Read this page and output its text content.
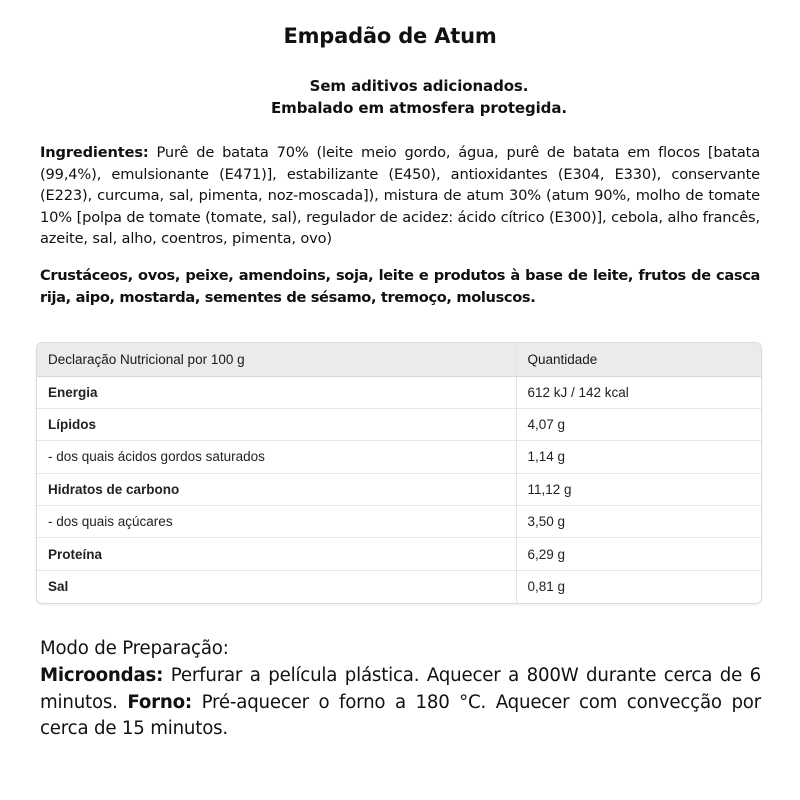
Empadão de Atum
Sem aditivos adicionados.
Embalado em atmosfera protegida.

Ingredientes: Purê de batata 70% (leite meio gordo, água, purê de batata em flocos [batata (99,4%), emulsionante (E471)], estabilizante (E450), antioxidantes (E304, E330), conservante (E223), curcuma, sal, pimenta, noz-moscada]), mistura de atum 30% (atum 90%, molho de tomate 10% [polpa de tomate (tomate, sal), regulador de acidez: ácido cítrico (E300)], cebola, alho francês, azeite, sal, alho, coentros, pimenta, ovo)

Crustáceos, ovos, peixe, amendoins, soja, leite e produtos à base de leite, frutos de casca rija, aipo, mostarda, sementes de sésamo, tremoço, moluscos.

Declaração Nutricional por 100 g	Quantidade
Energia	612 kJ / 142 kcal
Lípidos	4,07 g
- dos quais ácidos gordos saturados	1,14 g
Hidratos de carbono	11,12 g
- dos quais açúcares	3,50 g
Proteína	6,29 g
Sal	0,81 g
Modo de Preparação:

Microondas: Perfurar a película plástica. Aquecer a 800W durante cerca de 6 minutos. Forno: Pré-aquecer o forno a 180 °C. Aquecer com convecção por cerca de 15 minutos.
